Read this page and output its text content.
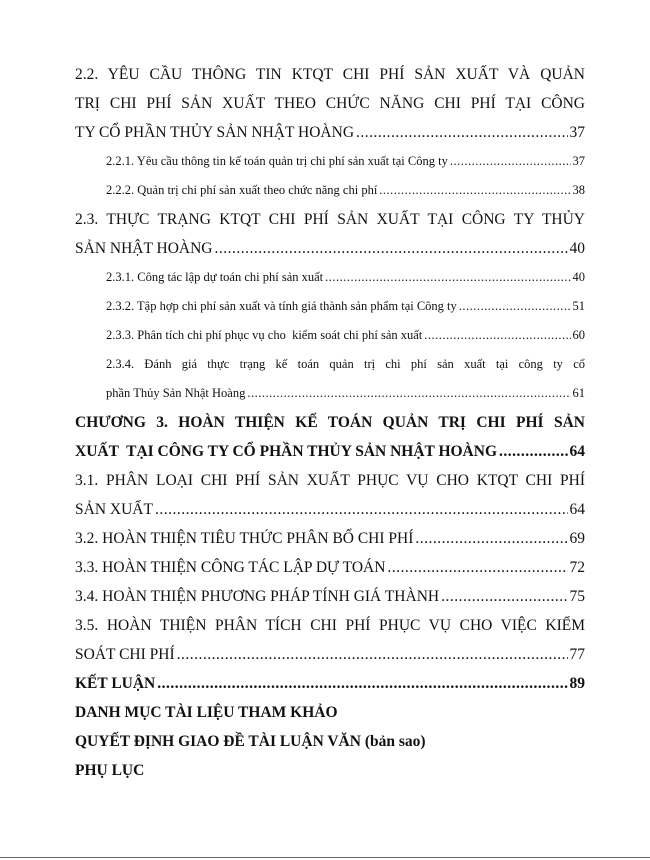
2.2. YÊU CẦU THÔNG TIN KTQT CHI PHÍ SẢN XUẤT VÀ QUẢN
TRỊ CHI PHÍ SẢN XUẤT THEO CHỨC NĂNG CHI PHÍ TẠI CÔNG
TY CỔ PHẦN THỦY SẢN NHẬT HOÀNG .....	37
2.2.1. Yêu cầu thông tin kế toán quản trị chi phí sản xuất tại Công ty .....	37
2.2.2. Quản trị chi phí sản xuất theo chức năng chi phí .....	38
2.3. THỰC TRẠNG KTQT CHI PHÍ SẢN XUẤT TẠI CÔNG TY THỦY
SẢN NHẬT HOÀNG .....	40
2.3.1. Công tác lập dự toán chi phí sản xuất .....	40
2.3.2. Tập hợp chi phí sản xuất và tính giá thành sản phẩm tại Công ty .....	51
2.3.3. Phân tích chi phí phục vụ cho  kiểm soát chi phí sản xuất .....	60
2.3.4. Đánh giá thực trạng kế toán quản trị chi phí sản xuất tại công ty cổ
phần Thủy Sản Nhật Hoàng .....	61
CHƯƠNG 3. HOÀN THIỆN KẾ TOÁN QUẢN TRỊ CHI PHÍ SẢN
XUẤT  TẠI CÔNG TY CỔ PHẦN THỦY SẢN NHẬT HOÀNG .....	64
3.1. PHÂN LOẠI CHI PHÍ SẢN XUẤT PHỤC VỤ CHO KTQT CHI PHÍ
SẢN XUẤT .....	64
3.2. HOÀN THIỆN TIÊU THỨC PHÂN BỔ CHI PHÍ .....	69
3.3. HOÀN THIỆN CÔNG TÁC LẬP DỰ TOÁN .....	72
3.4. HOÀN THIỆN PHƯƠNG PHÁP TÍNH GIÁ THÀNH .....	75
3.5. HOÀN THIỆN PHÂN TÍCH CHI PHÍ PHỤC VỤ CHO VIỆC KIỂM
SOÁT CHI PHÍ .....	77
KẾT LUẬN .....	89
DANH MỤC TÀI LIỆU THAM KHẢO
QUYẾT ĐỊNH GIAO ĐỀ TÀI LUẬN VĂN (bản sao)
PHỤ LỤC
